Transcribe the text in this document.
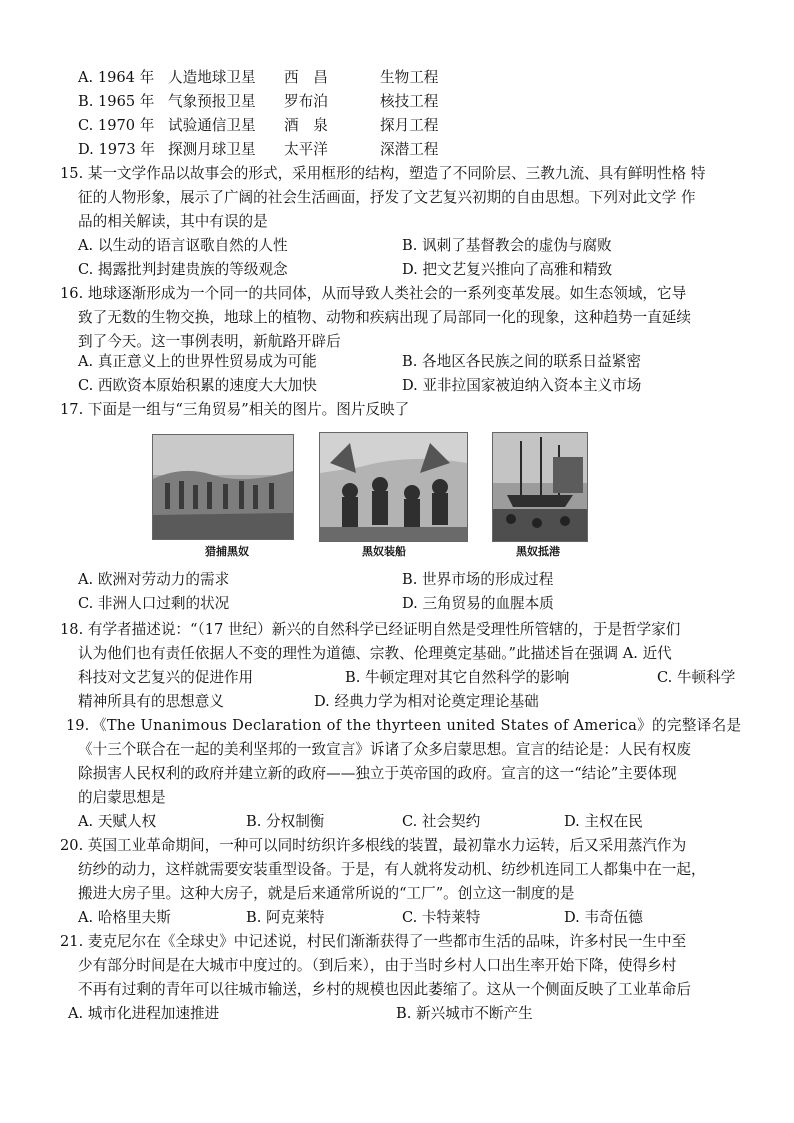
A. 1964 年 人造地球卫星 西　昌	生物工程
B. 1965 年 气象预报卫星 罗布泊	核技工程
C. 1970 年 试验通信卫星 酒　泉	探月工程
D. 1973 年 探测月球卫星 太平洋	深潜工程
15. 某一文学作品以故事会的形式，采用框形的结构，塑造了不同阶层、三教九流、具有鲜明性格 特
征的人物形象，展示了广阔的社会生活画面，抒发了文艺复兴初期的自由思想。下列对此文学 作
品的相关解读，其中有误的是
A. 以生动的语言讴歌自然的人性	B. 讽刺了基督教会的虚伪与腐败
C. 揭露批判封建贵族的等级观念	D. 把文艺复兴推向了高雅和精致
16. 地球逐渐形成为一个同一的共同体，从而导致人类社会的一系列变革发展。如生态领域，它导
致了无数的生物交换，地球上的植物、动物和疾病出现了局部同一化的现象，这种趋势一直延续
到了今天。这一事例表明，新航路开辟后
A. 真正意义上的世界性贸易成为可能	B. 各地区各民族之间的联系日益紧密
C. 西欧资本原始积累的速度大大加快	D. 亚非拉国家被迫纳入资本主义市场
17. 下面是一组与“三角贸易”相关的图片。图片反映了
猎捕黑奴	黑奴装船	黑奴抵港
A. 欧洲对劳动力的需求	B. 世界市场的形成过程
C. 非洲人口过剩的状况	D. 三角贸易的血腥本质
18. 有学者描述说：“（17 世纪）新兴的自然科学已经证明自然是受理性所管辖的，于是哲学家们
认为他们也有责任依据人不变的理性为道德、宗教、伦理奠定基础。”此描述旨在强调 A. 近代
科技对文艺复兴的促进作用	B. 牛顿定理对其它自然科学的影响	C. 牛顿科学
精神所具有的思想意义	D. 经典力学为相对论奠定理论基础
19. 《The Unanimous Declaration of the thyrteen united States of America》的完整译名是
《十三个联合在一起的美利坚邦的一致宣言》诉诸了众多启蒙思想。宣言的结论是：人民有权废
除损害人民权利的政府并建立新的政府——独立于英帝国的政府。宣言的这一“结论”主要体现
的启蒙思想是
A. 天赋人权	B. 分权制衡	C. 社会契约	D. 主权在民
20. 英国工业革命期间，一种可以同时纺织许多根线的装置，最初靠水力运转，后又采用蒸汽作为
纺纱的动力，这样就需要安装重型设备。于是，有人就将发动机、纺纱机连同工人都集中在一起，
搬进大房子里。这种大房子，就是后来通常所说的“工厂”。创立这一制度的是
A. 哈格里夫斯	B. 阿克莱特	C. 卡特莱特	D. 韦奇伍德
21. 麦克尼尔在《全球史》中记述说，村民们渐渐获得了一些都市生活的品味，许多村民一生中至
少有部分时间是在大城市中度过的。（到后来），由于当时乡村人口出生率开始下降，使得乡村
不再有过剩的青年可以往城市输送，乡村的规模也因此萎缩了。这从一个侧面反映了工业革命后
A. 城市化进程加速推进	B. 新兴城市不断产生
